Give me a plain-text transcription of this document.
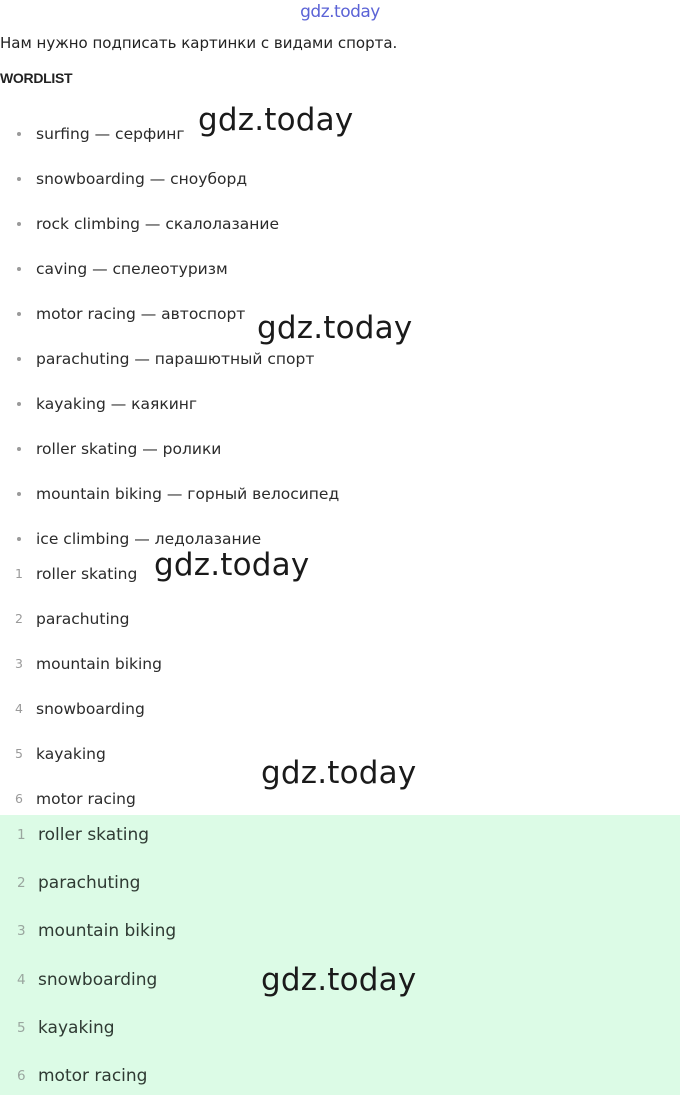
gdz.today
Нам нужно подписать картинки с видами спорта.
WORDLIST
surfing — серфинг
snowboarding — сноуборд
rock climbing — скалолазание
caving — спелеотуризм
motor racing — автоспорт
parachuting — парашютный спорт
kayaking — каякинг
roller skating — ролики
mountain biking — горный велосипед
ice climbing — ледолазание
1 roller skating
2 parachuting
3 mountain biking
4 snowboarding
5 kayaking
6 motor racing
1 roller skating
2 parachuting
3 mountain biking
4 snowboarding
5 kayaking
6 motor racing
gdz.today
gdz.today
gdz.today
gdz.today
gdz.today
